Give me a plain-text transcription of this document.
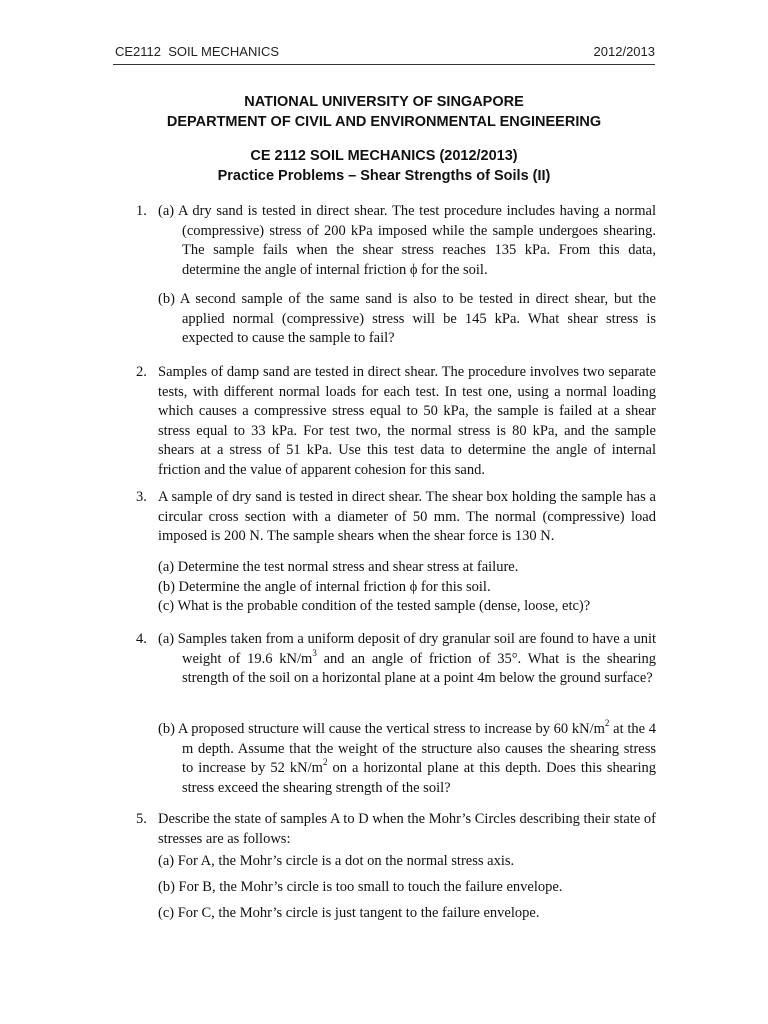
CE2112  SOIL MECHANICS	2012/2013
NATIONAL UNIVERSITY OF SINGAPORE
DEPARTMENT OF CIVIL AND ENVIRONMENTAL ENGINEERING
CE 2112 SOIL MECHANICS (2012/2013)
Practice Problems – Shear Strengths of Soils (II)
1. (a) A dry sand is tested in direct shear. The test procedure includes having a normal (compressive) stress of 200 kPa imposed while the sample undergoes shearing. The sample fails when the shear stress reaches 135 kPa. From this data, determine the angle of internal friction ϕ for the soil.

(b) A second sample of the same sand is also to be tested in direct shear, but the applied normal (compressive) stress will be 145 kPa. What shear stress is expected to cause the sample to fail?

2. Samples of damp sand are tested in direct shear. The procedure involves two separate tests, with different normal loads for each test. In test one, using a normal loading which causes a compressive stress equal to 50 kPa, the sample is failed at a shear stress equal to 33 kPa. For test two, the normal stress is 80 kPa, and the sample shears at a stress of 51 kPa. Use this test data to determine the angle of internal friction and the value of apparent cohesion for this sand.

3. A sample of dry sand is tested in direct shear. The shear box holding the sample has a circular cross section with a diameter of 50 mm. The normal (compressive) load imposed is 200 N. The sample shears when the shear force is 130 N.

(a) Determine the test normal stress and shear stress at failure.

(b) Determine the angle of internal friction ϕ for this soil.

(c) What is the probable condition of the tested sample (dense, loose, etc)?

4. (a) Samples taken from a uniform deposit of dry granular soil are found to have a unit weight of 19.6 $kN/m^3$ and an angle of friction of 35°. What is the shearing strength of the soil on a horizontal plane at a point 4m below the ground surface?

(b) A proposed structure will cause the vertical stress to increase by 60 $kN/m^2$ at the 4 m depth. Assume that the weight of the structure also causes the shearing stress to increase by 52 $kN/m^2$ on a horizontal plane at this depth. Does this shearing stress exceed the shearing strength of the soil?

5. Describe the state of samples A to D when the Mohr’s Circles describing their state of stresses are as follows:

(a) For A, the Mohr’s circle is a dot on the normal stress axis.

(b) For B, the Mohr’s circle is too small to touch the failure envelope.

(c) For C, the Mohr’s circle is just tangent to the failure envelope.
